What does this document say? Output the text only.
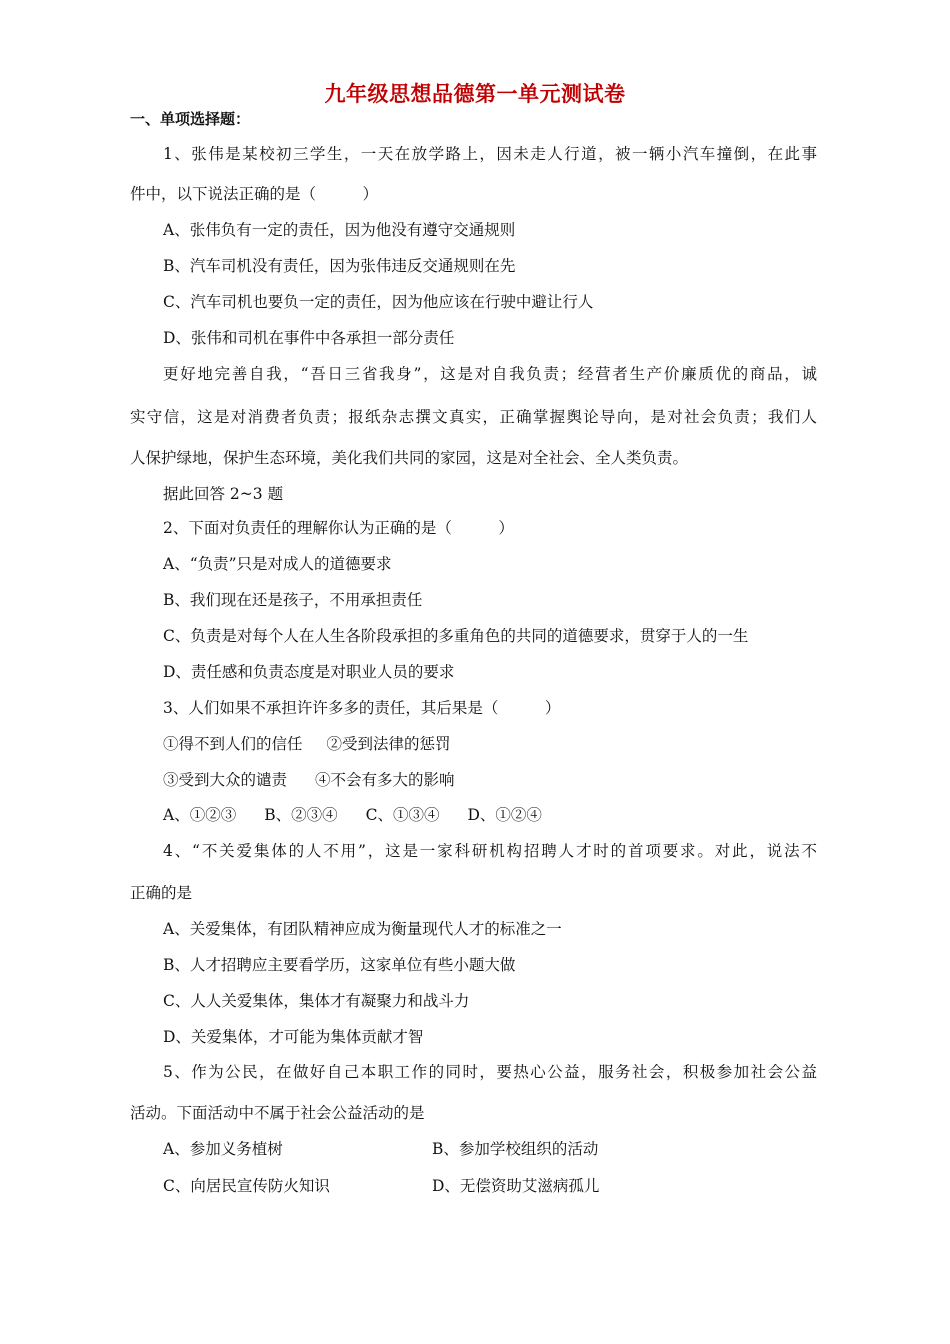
九年级思想品德第一单元测试卷
一、单项选择题：
1、张伟是某校初三学生，一天在放学路上，因未走人行道，被一辆小汽车撞倒，在此事
件中，以下说法正确的是（　　　）
A、张伟负有一定的责任，因为他没有遵守交通规则
B、汽车司机没有责任，因为张伟违反交通规则在先
C、汽车司机也要负一定的责任，因为他应该在行驶中避让行人
D、张伟和司机在事件中各承担一部分责任
更好地完善自我，“吾日三省我身”，这是对自我负责；经营者生产价廉质优的商品，诚
实守信，这是对消费者负责；报纸杂志撰文真实，正确掌握舆论导向，是对社会负责；我们人
人保护绿地，保护生态环境，美化我们共同的家园，这是对全社会、全人类负责。
据此回答 2~3 题
2、下面对负责任的理解你认为正确的是（　　　）
A、“负责”只是对成人的道德要求
B、我们现在还是孩子，不用承担责任
C、负责是对每个人在人生各阶段承担的多重角色的共同的道德要求，贯穿于人的一生
D、责任感和负责态度是对职业人员的要求
3、人们如果不承担许许多多的责任，其后果是（　　　）
①得不到人们的信任 ②受到法律的惩罚
③受到大众的谴责 ④不会有多大的影响
A、①②③ B、②③④ C、①③④ D、①②④
4、“不关爱集体的人不用”，这是一家科研机构招聘人才时的首项要求。对此，说法不
正确的是
A、关爱集体，有团队精神应成为衡量现代人才的标准之一
B、人才招聘应主要看学历，这家单位有些小题大做
C、人人关爱集体，集体才有凝聚力和战斗力
D、关爱集体，才可能为集体贡献才智
5、作为公民，在做好自己本职工作的同时，要热心公益，服务社会，积极参加社会公益
活动。下面活动中不属于社会公益活动的是
A、参加义务植树	B、参加学校组织的活动
C、向居民宣传防火知识	D、无偿资助艾滋病孤儿
